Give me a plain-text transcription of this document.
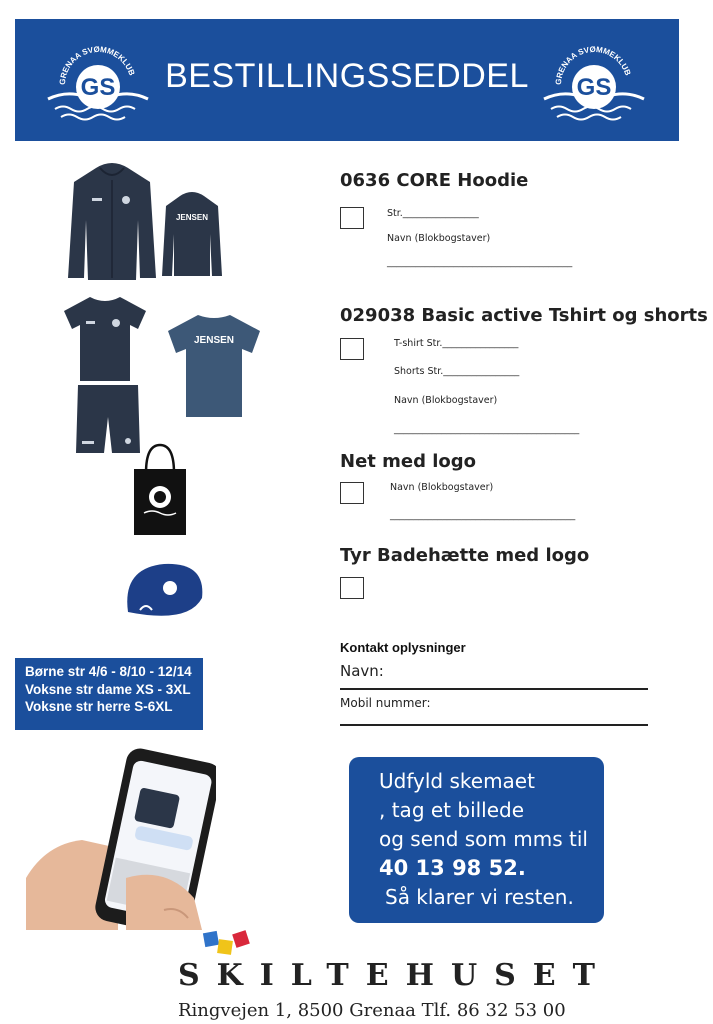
GRENAA SVØMMEKLUB
GS	BESTILLINGSSEDDEL	GRENAA SVØMMEKLUB
GS
JENSEN
JENSEN
0636 CORE Hoodie
Str.________________
Navn (Blokbogstaver)
_______________________________________
029038 Basic active Tshirt og shorts
T-shirt Str.________________
Shorts Str.________________
Navn (Blokbogstaver)
_______________________________________
Net med logo
Navn (Blokbogstaver)
_______________________________________
Tyr Badehætte med logo
Børne str 4/6 - 8/10 - 12/14
Voksne str dame XS - 3XL
Voksne str herre S-6XL
Kontakt oplysninger
Navn:
Mobil nummer:
Udfyld skemaet
, tag et billede
og send som mms til
40 13 98 52.
Så klarer vi resten.
SKILTEHUSET
Ringvejen 1, 8500 Grenaa Tlf. 86 32 53 00
